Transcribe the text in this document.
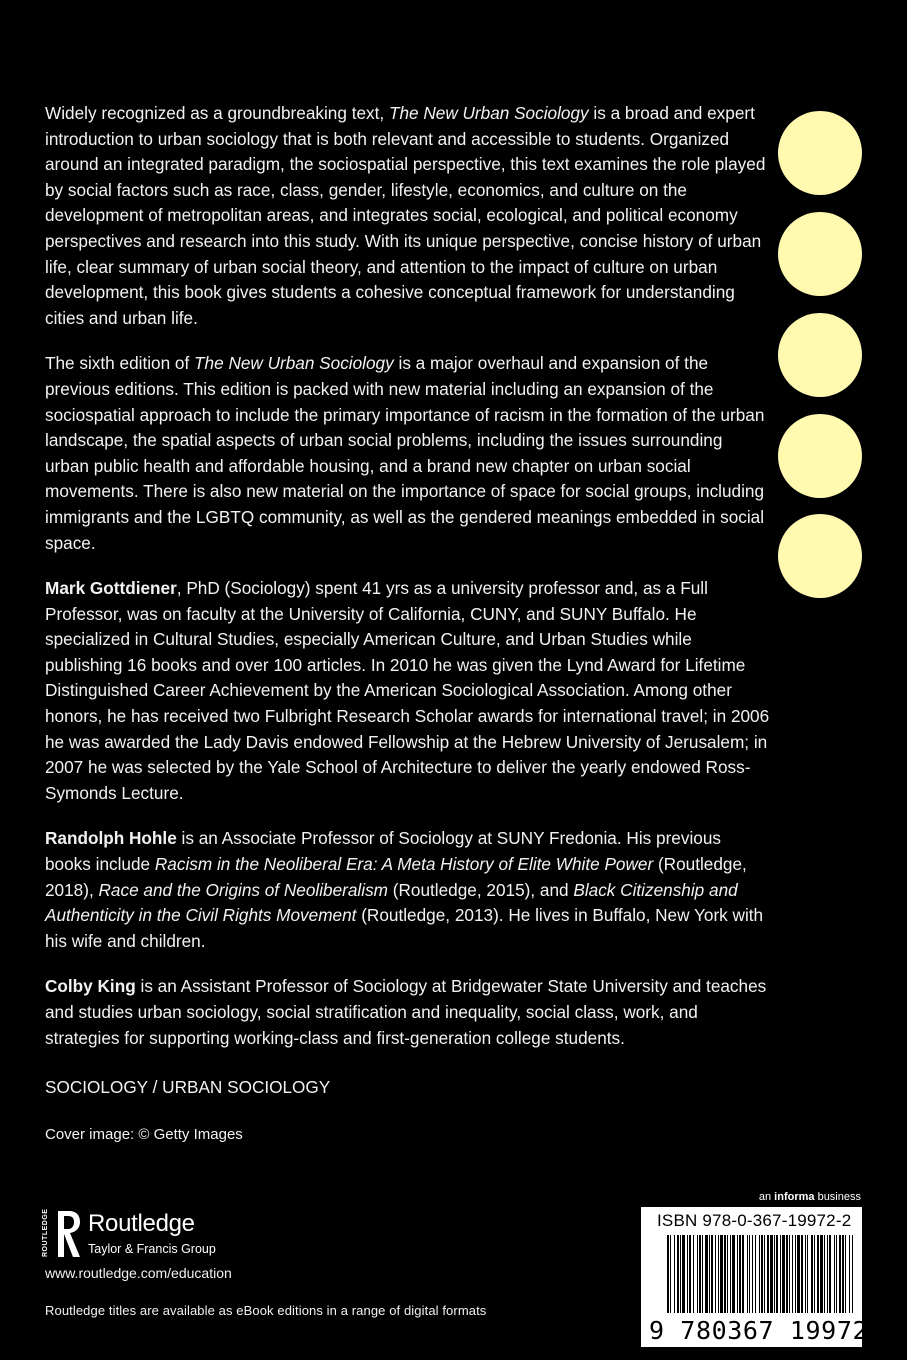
Widely recognized as a groundbreaking text, The New Urban Sociology is a broad and expert introduction to urban sociology that is both relevant and accessible to students. Organized around an integrated paradigm, the sociospatial perspective, this text examines the role played by social factors such as race, class, gender, lifestyle, economics, and culture on the development of metropolitan areas, and integrates social, ecological, and political economy perspectives and research into this study. With its unique perspective, concise history of urban life, clear summary of urban social theory, and attention to the impact of culture on urban development, this book gives students a cohesive conceptual framework for understanding cities and urban life.

The sixth edition of The New Urban Sociology is a major overhaul and expansion of the previous editions. This edition is packed with new material including an expansion of the sociospatial approach to include the primary importance of racism in the formation of the urban landscape, the spatial aspects of urban social problems, including the issues surrounding urban public health and affordable housing, and a brand new chapter on urban social movements. There is also new material on the importance of space for social groups, including immigrants and the LGBTQ community, as well as the gendered meanings embedded in social space.

Mark Gottdiener, PhD (Sociology) spent 41 yrs as a university professor and, as a Full Professor, was on faculty at the University of California, CUNY, and SUNY Buffalo. He specialized in Cultural Studies, especially American Culture, and Urban Studies while publishing 16 books and over 100 articles. In 2010 he was given the Lynd Award for Lifetime Distinguished Career Achievement by the American Sociological Association. Among other honors, he has received two Fulbright Research Scholar awards for international travel; in 2006 he was awarded the Lady Davis endowed Fellowship at the Hebrew University of Jerusalem; in 2007 he was selected by the Yale School of Architecture to deliver the yearly endowed Ross-Symonds Lecture.

Randolph Hohle is an Associate Professor of Sociology at SUNY Fredonia. His previous books include Racism in the Neoliberal Era: A Meta History of Elite White Power (Routledge, 2018), Race and the Origins of Neoliberalism (Routledge, 2015), and Black Citizenship and Authenticity in the Civil Rights Movement (Routledge, 2013). He lives in Buffalo, New York with his wife and children.

Colby King is an Assistant Professor of Sociology at Bridgewater State University and teaches and studies urban sociology, social stratification and inequality, social class, work, and strategies for supporting working-class and first-generation college students.

SOCIOLOGY / URBAN SOCIOLOGY

Cover image: © Getty Images

ROUTLEDGE Routledge
Taylor & Francis Group
www.routledge.com/education
Routledge titles are available as eBook editions in a range of digital formats
an informa business
ISBN 978-0-367-19972-2
9 780367 199722
